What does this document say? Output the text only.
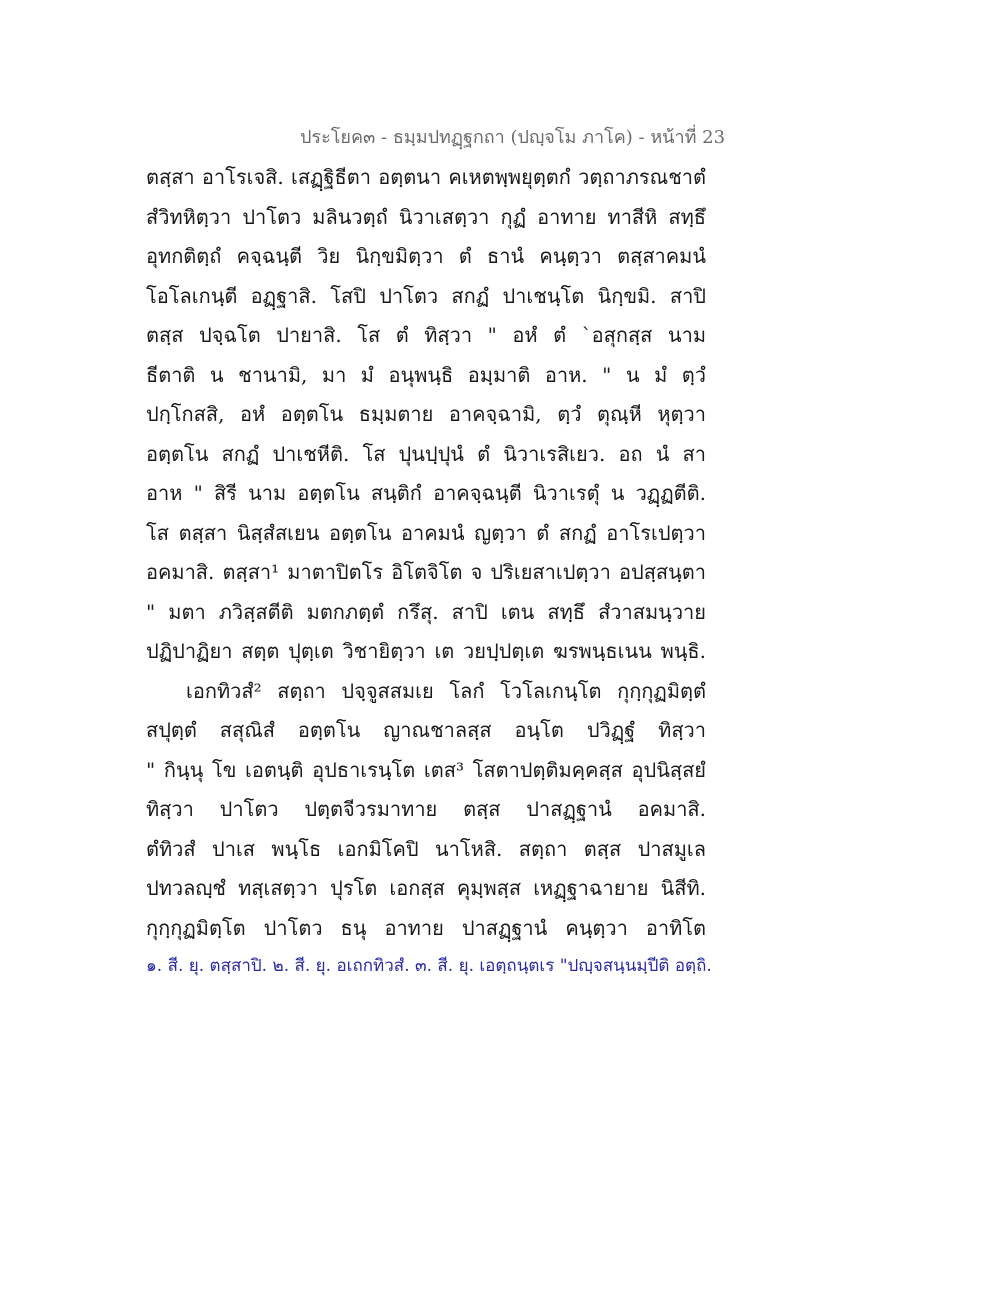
ประโยค๓ - ธมฺมปทฏฺฐกถา (ปญฺจโม ภาโค) - หน้าที่ 23
ตสฺสา อาโรเจสิ. เสฏฺฐิธีตา อตฺตนา คเหตพฺพยุตฺตกํ วตฺถาภรณชาตํ
สํวิทหิตฺวา ปาโตว มลินวตฺถํ นิวาเสตฺวา กุฏํ อาทาย ทาสีหิ สทฺธึ
อุทกติตฺถํ คจฺฉนฺตี วิย นิกฺขมิตฺวา ตํ ธานํ คนฺตฺวา ตสฺสาคมนํ
โอโลเกนฺตี อฏฺฐาสิ. โสปิ ปาโตว สกฏํ ปาเชนฺโต นิกฺขมิ. สาปิ
ตสฺส ปจฺฉโต ปายาสิ. โส ตํ ทิสฺวา " อหํ ตํ `อสุกสฺส นาม
ธีตาติ น ชานามิ, มา มํ อนุพนฺธิ อมฺมาติ อาห. " น มํ ตฺวํ
ปกฺโกสสิ, อหํ อตฺตโน ธมฺมตาย อาคจฺฉามิ, ตฺวํ ตุณฺหี หุตฺวา
อตฺตโน สกฏํ ปาเชหีติ. โส ปุนปฺปุนํ ตํ นิวาเรสิเยว. อถ นํ สา
อาห " สิรี นาม อตฺตโน สนฺติกํ อาคจฺฉนฺตี นิวาเรตุํ น วฏฺฏตีติ.
โส ตสฺสา นิสฺสํสเยน อตฺตโน อาคมนํ ญตฺวา ตํ สกฏํ อาโรเปตฺวา
อคมาสิ. ตสฺสา¹ มาตาปิตโร อิโตจิโต จ ปริเยสาเปตฺวา อปสฺสนฺตา
" มตา ภวิสฺสตีติ มตกภตฺตํ กรึสุ. สาปิ เตน สทฺธึ สํวาสมนฺวาย
ปฏิปาฏิยา สตฺต ปุตฺเต วิชายิตฺวา เต วยปฺปตฺเต ฆรพนฺธเนน พนฺธิ.
เอกทิวสํ² สตฺถา ปจฺจูสสมเย โลกํ โวโลเกนฺโต กุกฺกุฏมิตฺตํ
สปุตฺตํ สสุณิสํ อตฺตโน ญาณชาลสฺส อนฺโต ปวิฏฺฐํ ทิสฺวา
" กินฺนุ โข เอตนฺติ อุปธาเรนฺโต เตส³ โสตาปตฺติมคฺคสฺส อุปนิสฺสยํ
ทิสฺวา ปาโตว ปตฺตจีวรมาทาย ตสฺส ปาสฏฺฐานํ อคมาสิ.
ตํทิวสํ ปาเส พนฺโธ เอกมิโคปิ นาโหสิ. สตฺถา ตสฺส ปาสมูเล
ปทวลญฺชํ ทสฺเสตฺวา ปุรโต เอกสฺส คุมฺพสฺส เหฏฺฐาฉายาย นิสีทิ.
กุกฺกุฏมิตฺโต ปาโตว ธนุ อาทาย ปาสฏฺฐานํ คนฺตฺวา อาทิโต
๑. สี. ยุ. ตสฺสาปิ. ๒. สี. ยุ. อเถกทิวสํ. ๓. สี. ยุ. เอตฺถนฺตเร "ปญฺจสนฺนมฺปีติ อตฺถิ.
